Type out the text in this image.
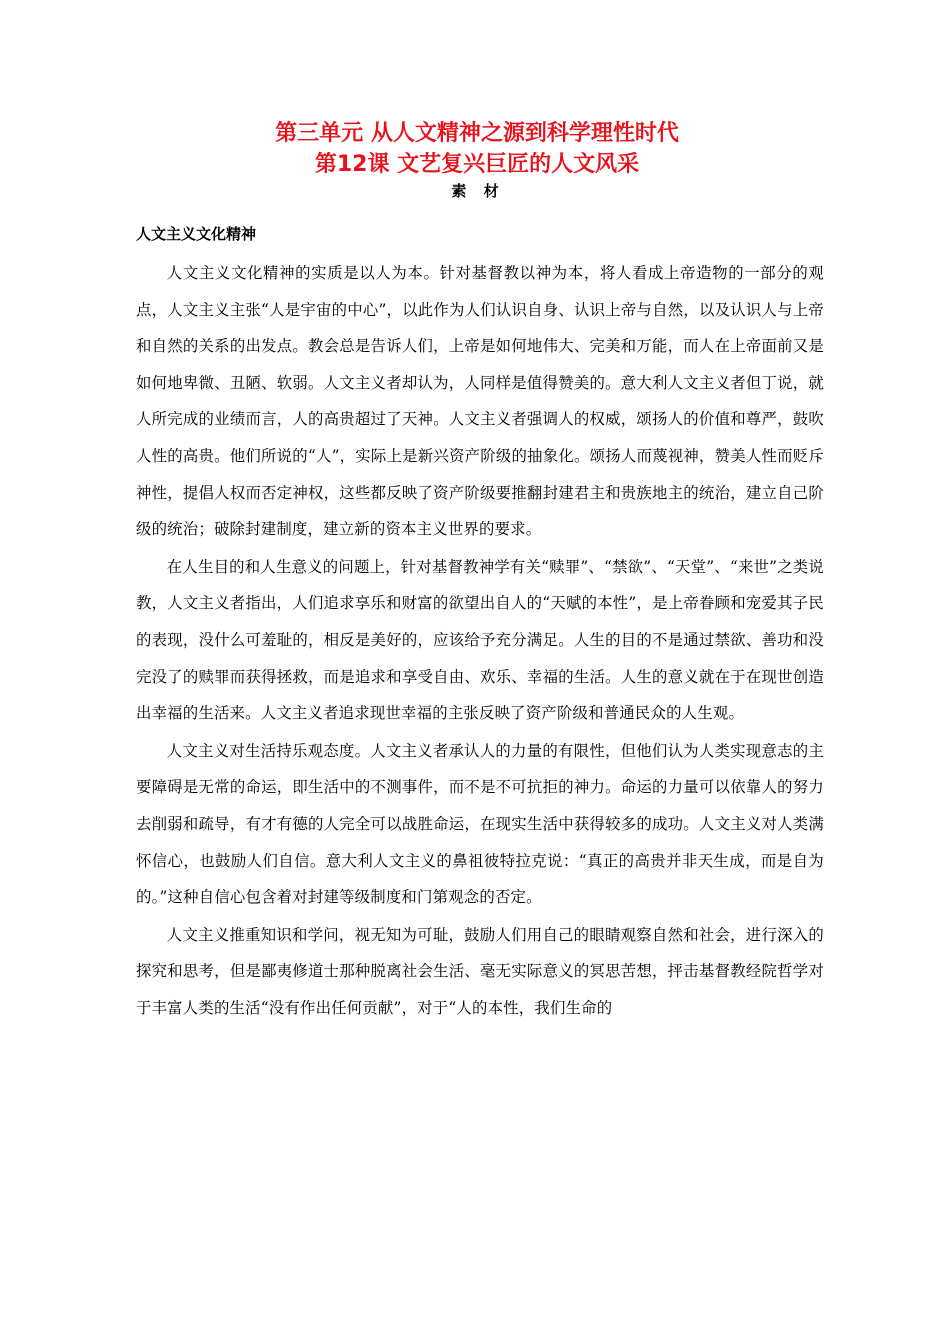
第三单元 从人文精神之源到科学理性时代

第12课 文艺复兴巨匠的人文风采

素 材

人文主义文化精神

人文主义文化精神的实质是以人为本。针对基督教以神为本，将人看成上帝造物的一部分的观点，人文主义主张“人是宇宙的中心”，以此作为人们认识自身、认识上帝与自然，以及认识人与上帝和自然的关系的出发点。教会总是告诉人们，上帝是如何地伟大、完美和万能，而人在上帝面前又是如何地卑微、丑陋、软弱。人文主义者却认为，人同样是值得赞美的。意大利人文主义者但丁说，就人所完成的业绩而言，人的高贵超过了天神。人文主义者强调人的权威，颂扬人的价值和尊严，鼓吹人性的高贵。他们所说的“人”，实际上是新兴资产阶级的抽象化。颂扬人而蔑视神，赞美人性而贬斥神性，提倡人权而否定神权，这些都反映了资产阶级要推翻封建君主和贵族地主的统治，建立自己阶级的统治；破除封建制度，建立新的资本主义世界的要求。

在人生目的和人生意义的问题上，针对基督教神学有关“赎罪”、“禁欲”、“天堂”、“来世”之类说教，人文主义者指出，人们追求享乐和财富的欲望出自人的“天赋的本性”，是上帝眷顾和宠爱其子民的表现，没什么可羞耻的，相反是美好的，应该给予充分满足。人生的目的不是通过禁欲、善功和没完没了的赎罪而获得拯救，而是追求和享受自由、欢乐、幸福的生活。人生的意义就在于在现世创造出幸福的生活来。人文主义者追求现世幸福的主张反映了资产阶级和普通民众的人生观。

人文主义对生活持乐观态度。人文主义者承认人的力量的有限性，但他们认为人类实现意志的主要障碍是无常的命运，即生活中的不测事件，而不是不可抗拒的神力。命运的力量可以依靠人的努力去削弱和疏导，有才有德的人完全可以战胜命运，在现实生活中获得较多的成功。人文主义对人类满怀信心，也鼓励人们自信。意大利人文主义的鼻祖彼特拉克说：“真正的高贵并非天生成，而是自为的。”这种自信心包含着对封建等级制度和门第观念的否定。

人文主义推重知识和学问，视无知为可耻，鼓励人们用自己的眼睛观察自然和社会，进行深入的探究和思考，但是鄙夷修道士那种脱离社会生活、毫无实际意义的冥思苦想，抨击基督教经院哲学对于丰富人类的生活“没有作出任何贡献”，对于“人的本性，我们生命的
